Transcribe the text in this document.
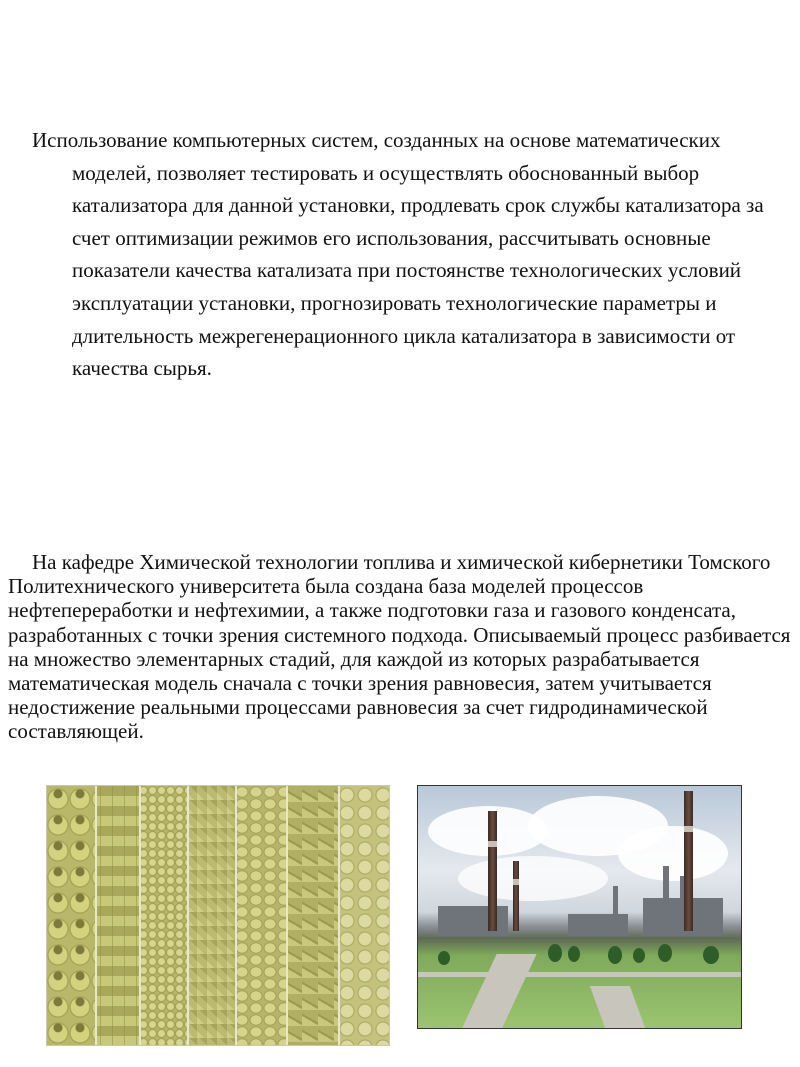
Использование компьютерных систем, созданных на основе математических моделей, позволяет тестировать и осуществлять обоснованный выбор катализатора для данной установки, продлевать срок службы катализатора за счет оптимизации режимов его использования, рассчитывать основные показатели качества катализата при постоянстве технологических условий эксплуатации установки, прогнозировать технологические параметры и длительность межрегенерационного цикла катализатора в зависимости от качества сырья.

На кафедре Химической технологии топлива и химической кибернетики Томского Политехнического университета была создана база моделей процессов нефтепереработки и нефтехимии, а также подготовки газа и газового конденсата, разработанных с точки зрения системного подхода. Описываемый процесс разбивается на множество элементарных стадий, для каждой из которых разрабатывается математическая модель сначала с точки зрения равновесия, затем учитывается недостижение реальными процессами равновесия за счет гидродинамической составляющей.
